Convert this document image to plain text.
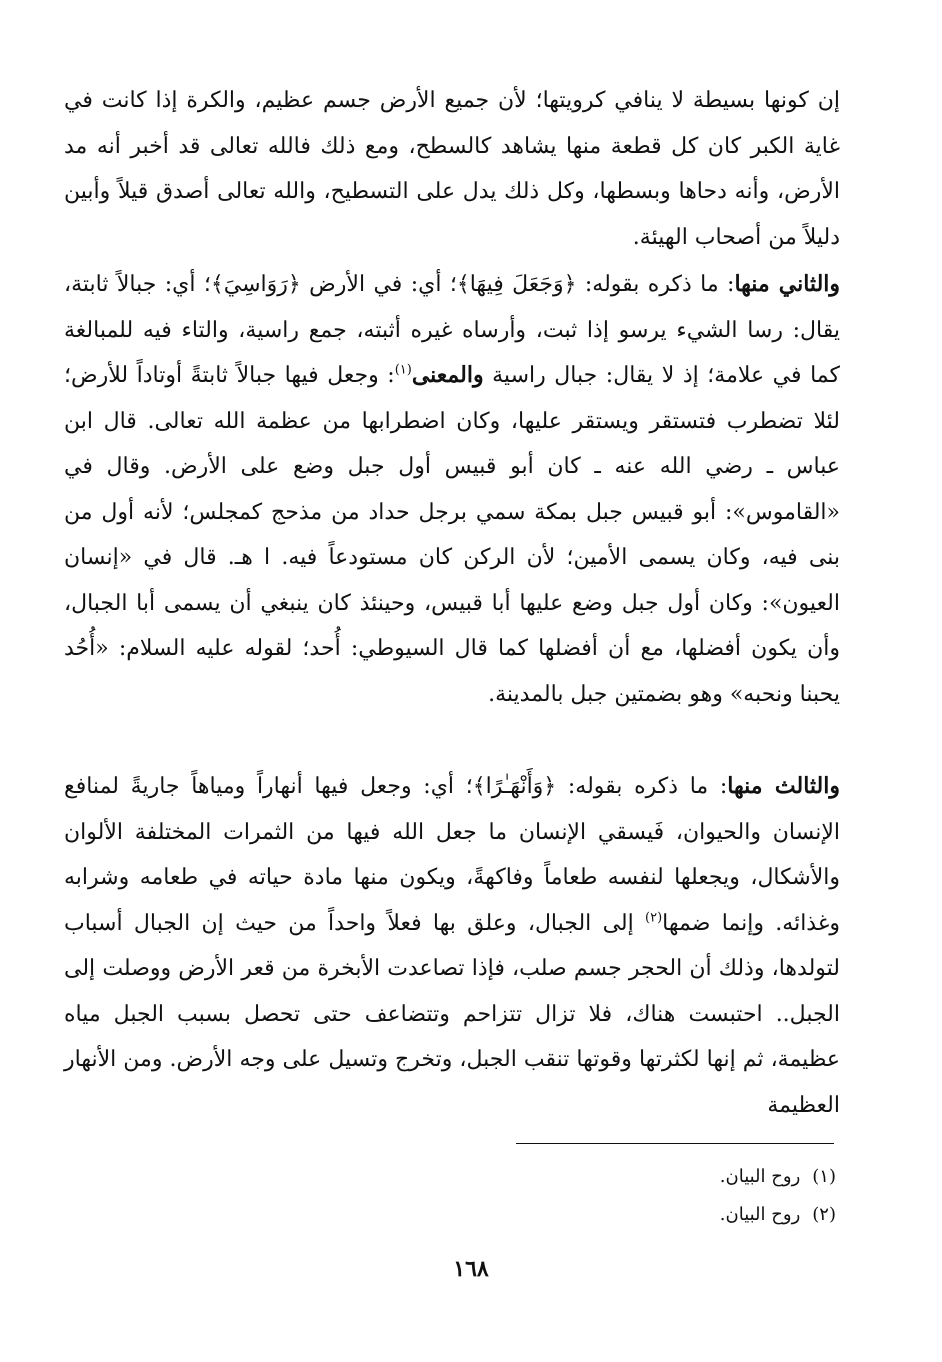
إن كونها بسيطة لا ينافي كرويتها؛ لأن جميع الأرض جسم عظيم، والكرة إذا كانت في غاية الكبر كان كل قطعة منها يشاهد كالسطح، ومع ذلك فالله تعالى قد أخبر أنه مد الأرض، وأنه دحاها وبسطها، وكل ذلك يدل على التسطيح، والله تعالى أصدق قيلاً وأبين دليلاً من أصحاب الهيئة.

والثاني منها: ما ذكره بقوله: ﴿وَجَعَلَ فِيهَا﴾؛ أي: في الأرض ﴿رَوَاسِيَ﴾؛ أي: جبالاً ثابتة، يقال: رسا الشيء يرسو إذا ثبت، وأرساه غيره أثبته، جمع راسية، والتاء فيه للمبالغة كما في علامة؛ إذ لا يقال: جبال راسية والمعنى$^{(١)}$: وجعل فيها جبالاً ثابتةً أوتاداً للأرض؛ لئلا تضطرب فتستقر ويستقر عليها، وكان اضطرابها من عظمة الله تعالى. قال ابن عباس ـ رضي الله عنه ـ كان أبو قبيس أول جبل وضع على الأرض. وقال في «القاموس»: أبو قبيس جبل بمكة سمي برجل حداد من مذحج كمجلس؛ لأنه أول من بنى فيه، وكان يسمى الأمين؛ لأن الركن كان مستودعاً فيه. ا هـ. قال في «إنسان العيون»: وكان أول جبل وضع عليها أبا قبيس، وحينئذ كان ينبغي أن يسمى أبا الجبال، وأن يكون أفضلها، مع أن أفضلها كما قال السيوطي: أُحد؛ لقوله عليه السلام: «أُحُد يحبنا ونحبه» وهو بضمتين جبل بالمدينة.

والثالث منها: ما ذكره بقوله: ﴿وَأَنْهَـٰرًا﴾؛ أي: وجعل فيها أنهاراً ومياهاً جاريةً لمنافع الإنسان والحيوان، فَيسقي الإنسان ما جعل الله فيها من الثمرات المختلفة الألوان والأشكال، ويجعلها لنفسه طعاماً وفاكهةً، ويكون منها مادة حياته في طعامه وشرابه وغذائه. وإنما ضمها$^{(٢)}$ إلى الجبال، وعلق بها فعلاً واحداً من حيث إن الجبال أسباب لتولدها، وذلك أن الحجر جسم صلب، فإذا تصاعدت الأبخرة من قعر الأرض ووصلت إلى الجبل.. احتبست هناك، فلا تزال تتزاحم وتتضاعف حتى تحصل بسبب الجبل مياه عظيمة، ثم إنها لكثرتها وقوتها تنقب الجبل، وتخرج وتسيل على وجه الأرض. ومن الأنهار العظيمة

(١)روح البيان.
(٢)روح البيان.
١٦٨
